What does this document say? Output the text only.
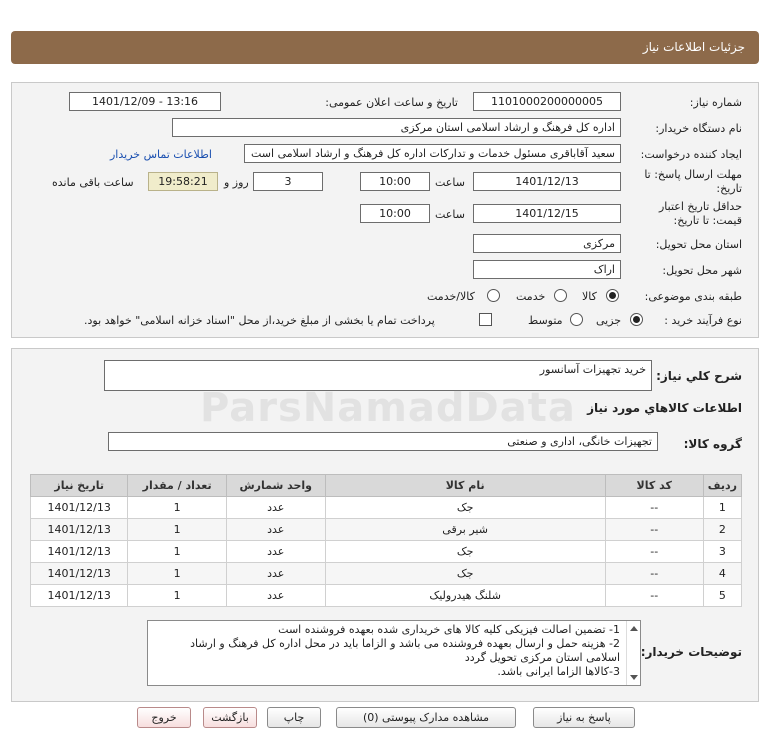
جزئیات اطلاعات نیاز
شماره نیاز:
1101000200000005
تاریخ و ساعت اعلان عمومی:
1401/12/09 - 13:16
نام دستگاه خریدار:
اداره کل فرهنگ و ارشاد اسلامی استان مرکزی
ایجاد کننده درخواست:
سعید آقاباقری مسئول خدمات و تدارکات اداره کل فرهنگ و ارشاد اسلامی است
اطلاعات تماس خریدار
مهلت ارسال پاسخ: تا تاریخ:
1401/12/13
ساعت
10:00
3
روز و
19:58:21
ساعت باقی مانده
حداقل تاریخ اعتبار قیمت: تا تاریخ:
1401/12/15
ساعت
10:00
استان محل تحویل:
مرکزی
شهر محل تحویل:
اراک
طبقه بندی موضوعی:
کالا
خدمت
کالا/خدمت
نوع فرآیند خرید :
جزیی
متوسط
پرداخت تمام یا بخشی از مبلغ خرید،از محل "اسناد خزانه اسلامی" خواهد بود.
شرح کلي نياز:
خرید تجهیزات آسانسور
اطلاعات کالاهاي مورد نياز
گروه کالا:
تجهیزات خانگی، اداری و صنعتی
ردیف	کد کالا	نام کالا	واحد شمارش	تعداد / مقدار	تاریخ نیاز
1	--	جک	عدد	1	1401/12/13
2	--	شیر برقی	عدد	1	1401/12/13
3	--	جک	عدد	1	1401/12/13
4	--	جک	عدد	1	1401/12/13
5	--	شلنگ هیدرولیک	عدد	1	1401/12/13
توضیحات خریدار:
1- تضمین اصالت فیزیکی کلیه کالا های خریداری شده بعهده فروشنده است
2- هزینه حمل و ارسال بعهده فروشنده می باشد و الزاما باید در محل اداره کل فرهنگ و ارشاد اسلامی استان مرکزی تحویل گردد
3-کالاها الزاما ایرانی باشد.
پاسخ به نیاز
مشاهده مدارک پیوستی (0)
چاپ
بازگشت
خروج
ParsNamadData
